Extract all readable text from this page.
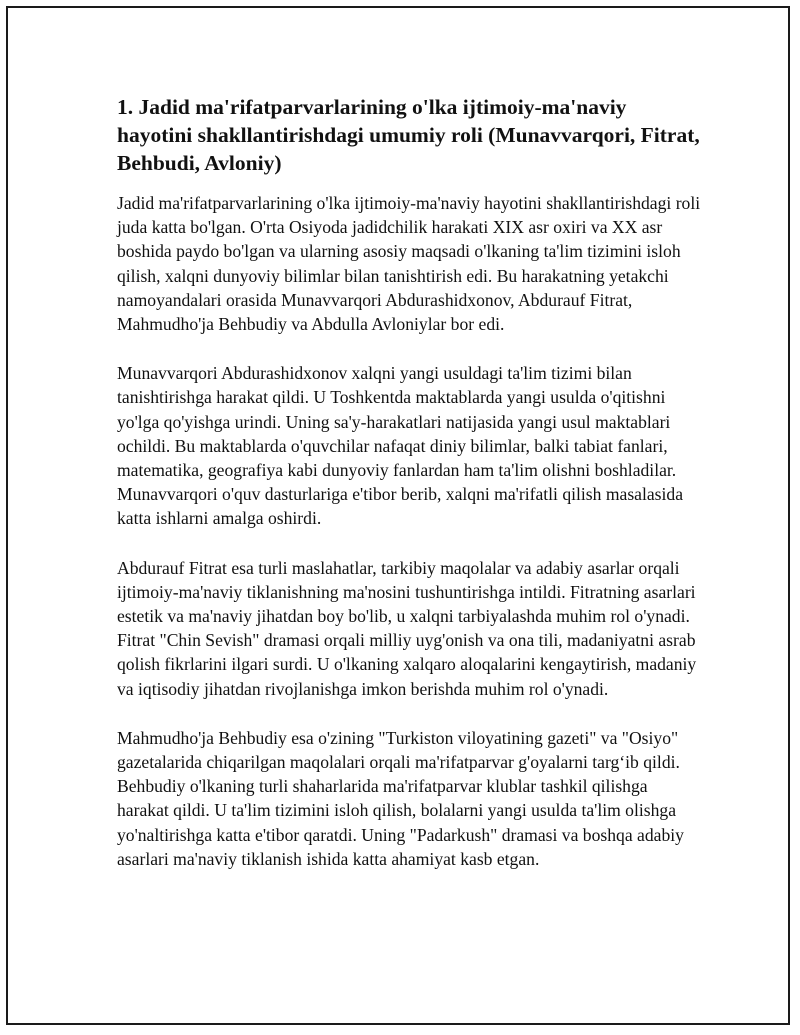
1. Jadid ma'rifatparvarlarining o'lka ijtimoiy-ma'naviy hayotini shakllantirishdagi umumiy roli (Munavvarqori, Fitrat, Behbudi, Avloniy)

Jadid ma'rifatparvarlarining o'lka ijtimoiy-ma'naviy hayotini shakllantirishdagi roli juda katta bo'lgan. O'rta Osiyoda jadidchilik harakati XIX asr oxiri va XX asr boshida paydo bo'lgan va ularning asosiy maqsadi o'lkaning ta'lim tizimini isloh qilish, xalqni dunyoviy bilimlar bilan tanishtirish edi. Bu harakatning yetakchi namoyandalari orasida Munavvarqori Abdurashidxonov, Abdurauf Fitrat, Mahmudho'ja Behbudiy va Abdulla Avloniylar bor edi.

Munavvarqori Abdurashidxonov xalqni yangi usuldagi ta'lim tizimi bilan tanishtirishga harakat qildi. U Toshkentda maktablarda yangi usulda o'qitishni yo'lga qo'yishga urindi. Uning sa'y-harakatlari natijasida yangi usul maktablari ochildi. Bu maktablarda o'quvchilar nafaqat diniy bilimlar, balki tabiat fanlari, matematika, geografiya kabi dunyoviy fanlardan ham ta'lim olishni boshladilar. Munavvarqori o'quv dasturlariga e'tibor berib, xalqni ma'rifatli qilish masalasida katta ishlarni amalga oshirdi.

Abdurauf Fitrat esa turli maslahatlar, tarkibiy maqolalar va adabiy asarlar orqali ijtimoiy-ma'naviy tiklanishning ma'nosini tushuntirishga intildi. Fitratning asarlari estetik va ma'naviy jihatdan boy bo'lib, u xalqni tarbiyalashda muhim rol o'ynadi. Fitrat "Chin Sevish" dramasi orqali milliy uyg'onish va ona tili, madaniyatni asrab qolish fikrlarini ilgari surdi. U o'lkaning xalqaro aloqalarini kengaytirish, madaniy va iqtisodiy jihatdan rivojlanishga imkon berishda muhim rol o'ynadi.

Mahmudho'ja Behbudiy esa o'zining "Turkiston viloyatining gazeti" va "Osiyo" gazetalarida chiqarilgan maqolalari orqali ma'rifatparvar g'oyalarni targ‘ib qildi. Behbudiy o'lkaning turli shaharlarida ma'rifatparvar klublar tashkil qilishga harakat qildi. U ta'lim tizimini isloh qilish, bolalarni yangi usulda ta'lim olishga yo'naltirishga katta e'tibor qaratdi. Uning "Padarkush" dramasi va boshqa adabiy asarlari ma'naviy tiklanish ishida katta ahamiyat kasb etgan.
